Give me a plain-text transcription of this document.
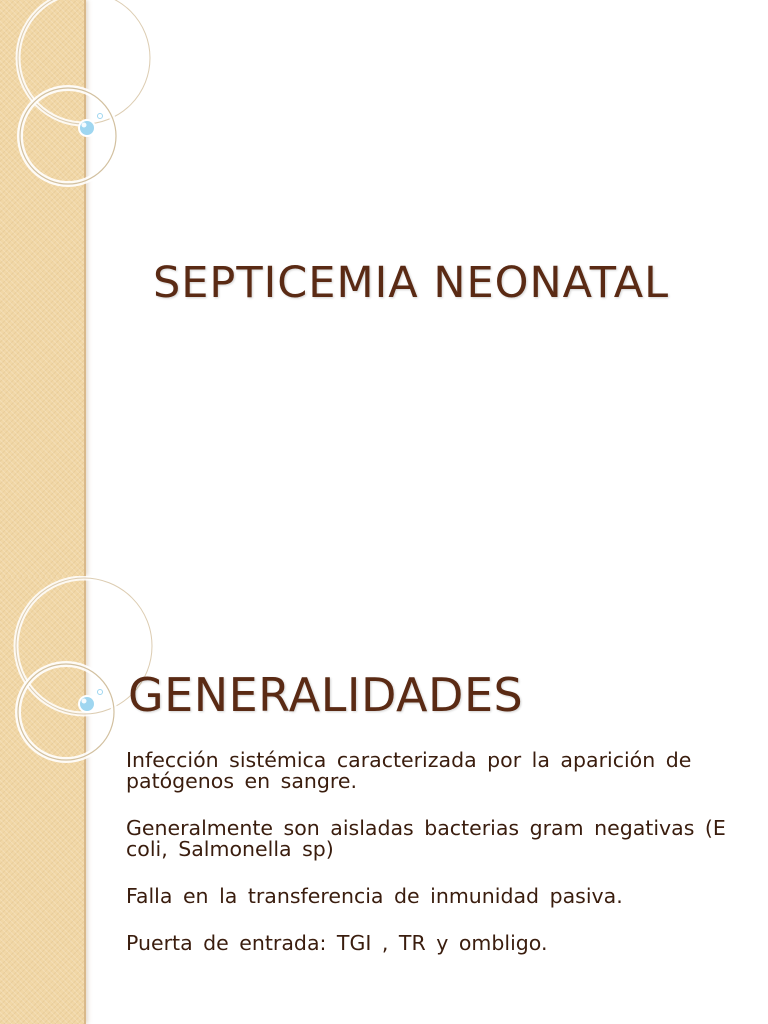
SEPTICEMIA NEONATAL
GENERALIDADES
Infección sistémica caracterizada por la aparición de patógenos en sangre.
Generalmente son aisladas bacterias gram negativas (E coli, Salmonella sp)
Falla en la transferencia de inmunidad pasiva.
Puerta de entrada: TGI , TR y ombligo.
